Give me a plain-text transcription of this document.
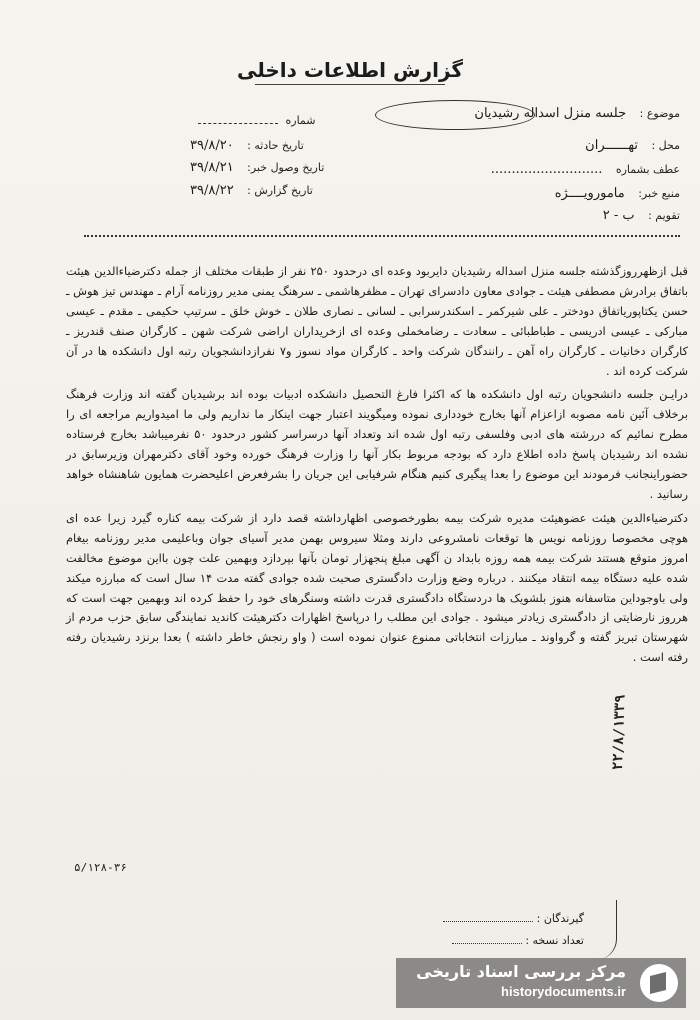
گزارش اطلاعات داخلی
موضوع : جلسه منزل اسداله رشیدیان
محل : تهــــــران
عطف بشماره ...........................
منبع خبر: مامورویــــژه
تقویم : ب - ۲
شماره
تاریخ حادثه : ۳۹/۸/۲۰
تاریخ وصول خبر: ۳۹/۸/۲۱
تاریخ گزارش : ۳۹/۸/۲۲

قبل ازظهرروزگذشته جلسه منزل اسداله رشیدیان دایربود وعده ای درحدود ۲۵۰ نفر از طبقات مختلف از جمله دکترضیاءالدین هیئت باتفاق برادرش مصطفی هیئت ـ جوادی معاون دادسرای تهران ـ مظفرهاشمی ـ سرهنگ یمنی مدیر روزنامه آرام ـ مهندس تیز هوش ـ حسن یکتاپوریاتفاق دودختر ـ علی شیرکمر ـ اسکندرسرابی ـ لسانی ـ نصاری طلان ـ خوش خلق ـ سرتیپ حکیمی ـ مقدم ـ عیسی مبارکی ـ عیسی ادریسی ـ طباطبائی ـ سعادت ـ رضامخملی وعده ای ازخریداران اراضی شرکت شهن ـ کارگران صنف قندریز ـ کارگران دخانیات ـ کارگران راه آهن ـ رانندگان شرکت واحد ـ کارگران مواد نسوز و۷ نفرازدانشجویان رتبه اول دانشکده ها در آن شرکت کرده اند .

درایـن جلسه دانشجویان رتبه اول دانشکده ها که اکثرا فارغ التحصیل دانشکده ادبیات بوده اند برشیدیان گفته اند وزارت فرهنگ برخلاف آئین نامه مصوبه ازاعزام آنها بخارج خودداری نموده ومیگویند اعتبار جهت اینکار ما نداریم ولی ما امیدواریم مراجعه ای را مطرح نمائیم که دررشته های ادبی وفلسفی رتبه اول شده اند وتعداد آنها درسراسر کشور درحدود ۵۰ نفرمیباشد بخارج فرستاده نشده اند رشیدیان پاسخ داده اطلاع دارد که بودجه مربوط بکار آنها را وزارت فرهنگ خورده وخود آقای دکترمهران وزیرسابق در حضوراینجانب فرمودند این موضوع را بعدا پیگیری کنیم هنگام شرفیابی این جریان را بشرفعرض اعلیحضرت همایون شاهنشاه خواهد رسانید .

دکترضیاءالدین هیئت عضوهیئت مدیره شرکت بیمه بطورخصوصی اظهارداشته قصد دارد از شرکت بیمه کناره گیرد زیرا عده ای هوچی مخصوصا روزنامه نویس ها توقعات نامشروعی دارند ومثلا سیروس بهمن مدیر آسیای جوان وباعلیمی مدیر روزنامه بیغام امروز متوقع هستند شرکت بیمه همه روزه بابداد ن آگهی مبلغ پنجهزار تومان بآنها بپردازد وبهمین علت چون بااین موضوع مخالفت شده علیه دستگاه بیمه انتقاد میکنند . درباره وضع وزارت دادگستری صحبت شده جوادی گفته مدت ۱۴ سال است که مبارزه میکند ولی باوجوداین متاسفانه هنوز بلشویک ها دردستگاه دادگستری قدرت داشته وسنگرهای خود را حفظ کرده اند وبهمین جهت است که هرروز نارضایتی از دادگستری زیادتر میشود . جوادی این مطلب را درپاسخ اظهارات دکترهیئت کاندید نمایندگی سابق حزب مردم از شهرستان تبریز گفته و گرواوند ـ مبارزات انتخاباتی ممنوع عنوان نموده است ( واو رنجش خاطر داشته ) بعدا برنزد رشیدیان رفته رفته است .

۲۲/۸/۱۳۳۹
گیرندگان :
تعداد نسخه :
۵/۱۲۸-۳۶
مرکز بررسی اسناد تاریخی
historydocuments.ir
